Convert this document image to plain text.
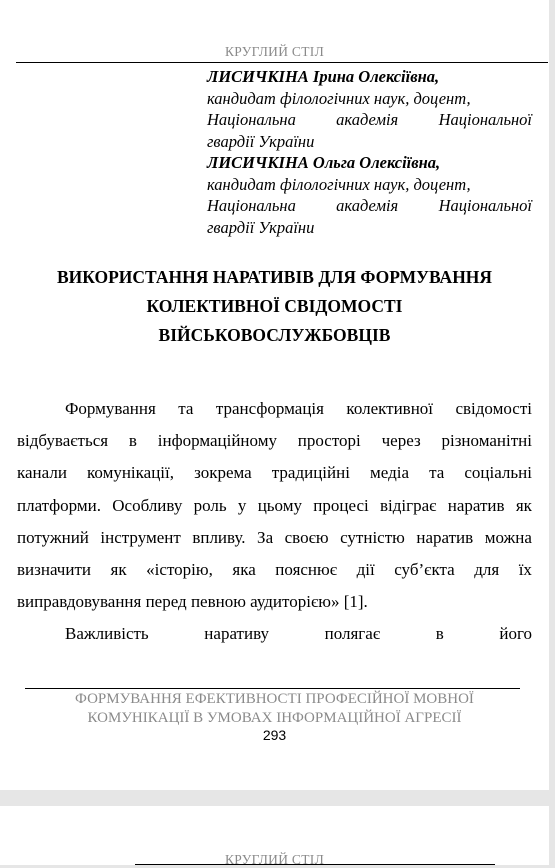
КРУГЛИЙ СТІЛ
ЛИСИЧКІНА Ірина Олексіївна,
кандидат філологічних наук, доцент,
Національна академія Національної
гвардії України
ЛИСИЧКІНА Ольга Олексіївна,
кандидат філологічних наук, доцент,
Національна академія Національної
гвардії України
ВИКОРИСТАННЯ НАРАТИВІВ ДЛЯ ФОРМУВАННЯ
КОЛЕКТИВНОЇ СВІДОМОСТІ
ВІЙСЬКОВОСЛУЖБОВЦІВ
Формування та трансформація колективної свідомості
відбувається в інформаційному просторі через різноманітні
канали комунікації, зокрема традиційні медіа та соціальні
платформи. Особливу роль у цьому процесі відіграє наратив як
потужний інструмент впливу. За своєю сутністю наратив можна
визначити як «історію, яка пояснює дії суб’єкта для їх
виправдовування перед певною аудиторією» [1].
Важливість	наративу	полягає	в	його
ФОРМУВАННЯ ЕФЕКТИВНОСТІ ПРОФЕСІЙНОЇ МОВНОЇ
КОМУНІКАЦІЇ В УМОВАХ ІНФОРМАЦІЙНОЇ АГРЕСІЇ
293
КРУГЛИЙ СТІЛ
